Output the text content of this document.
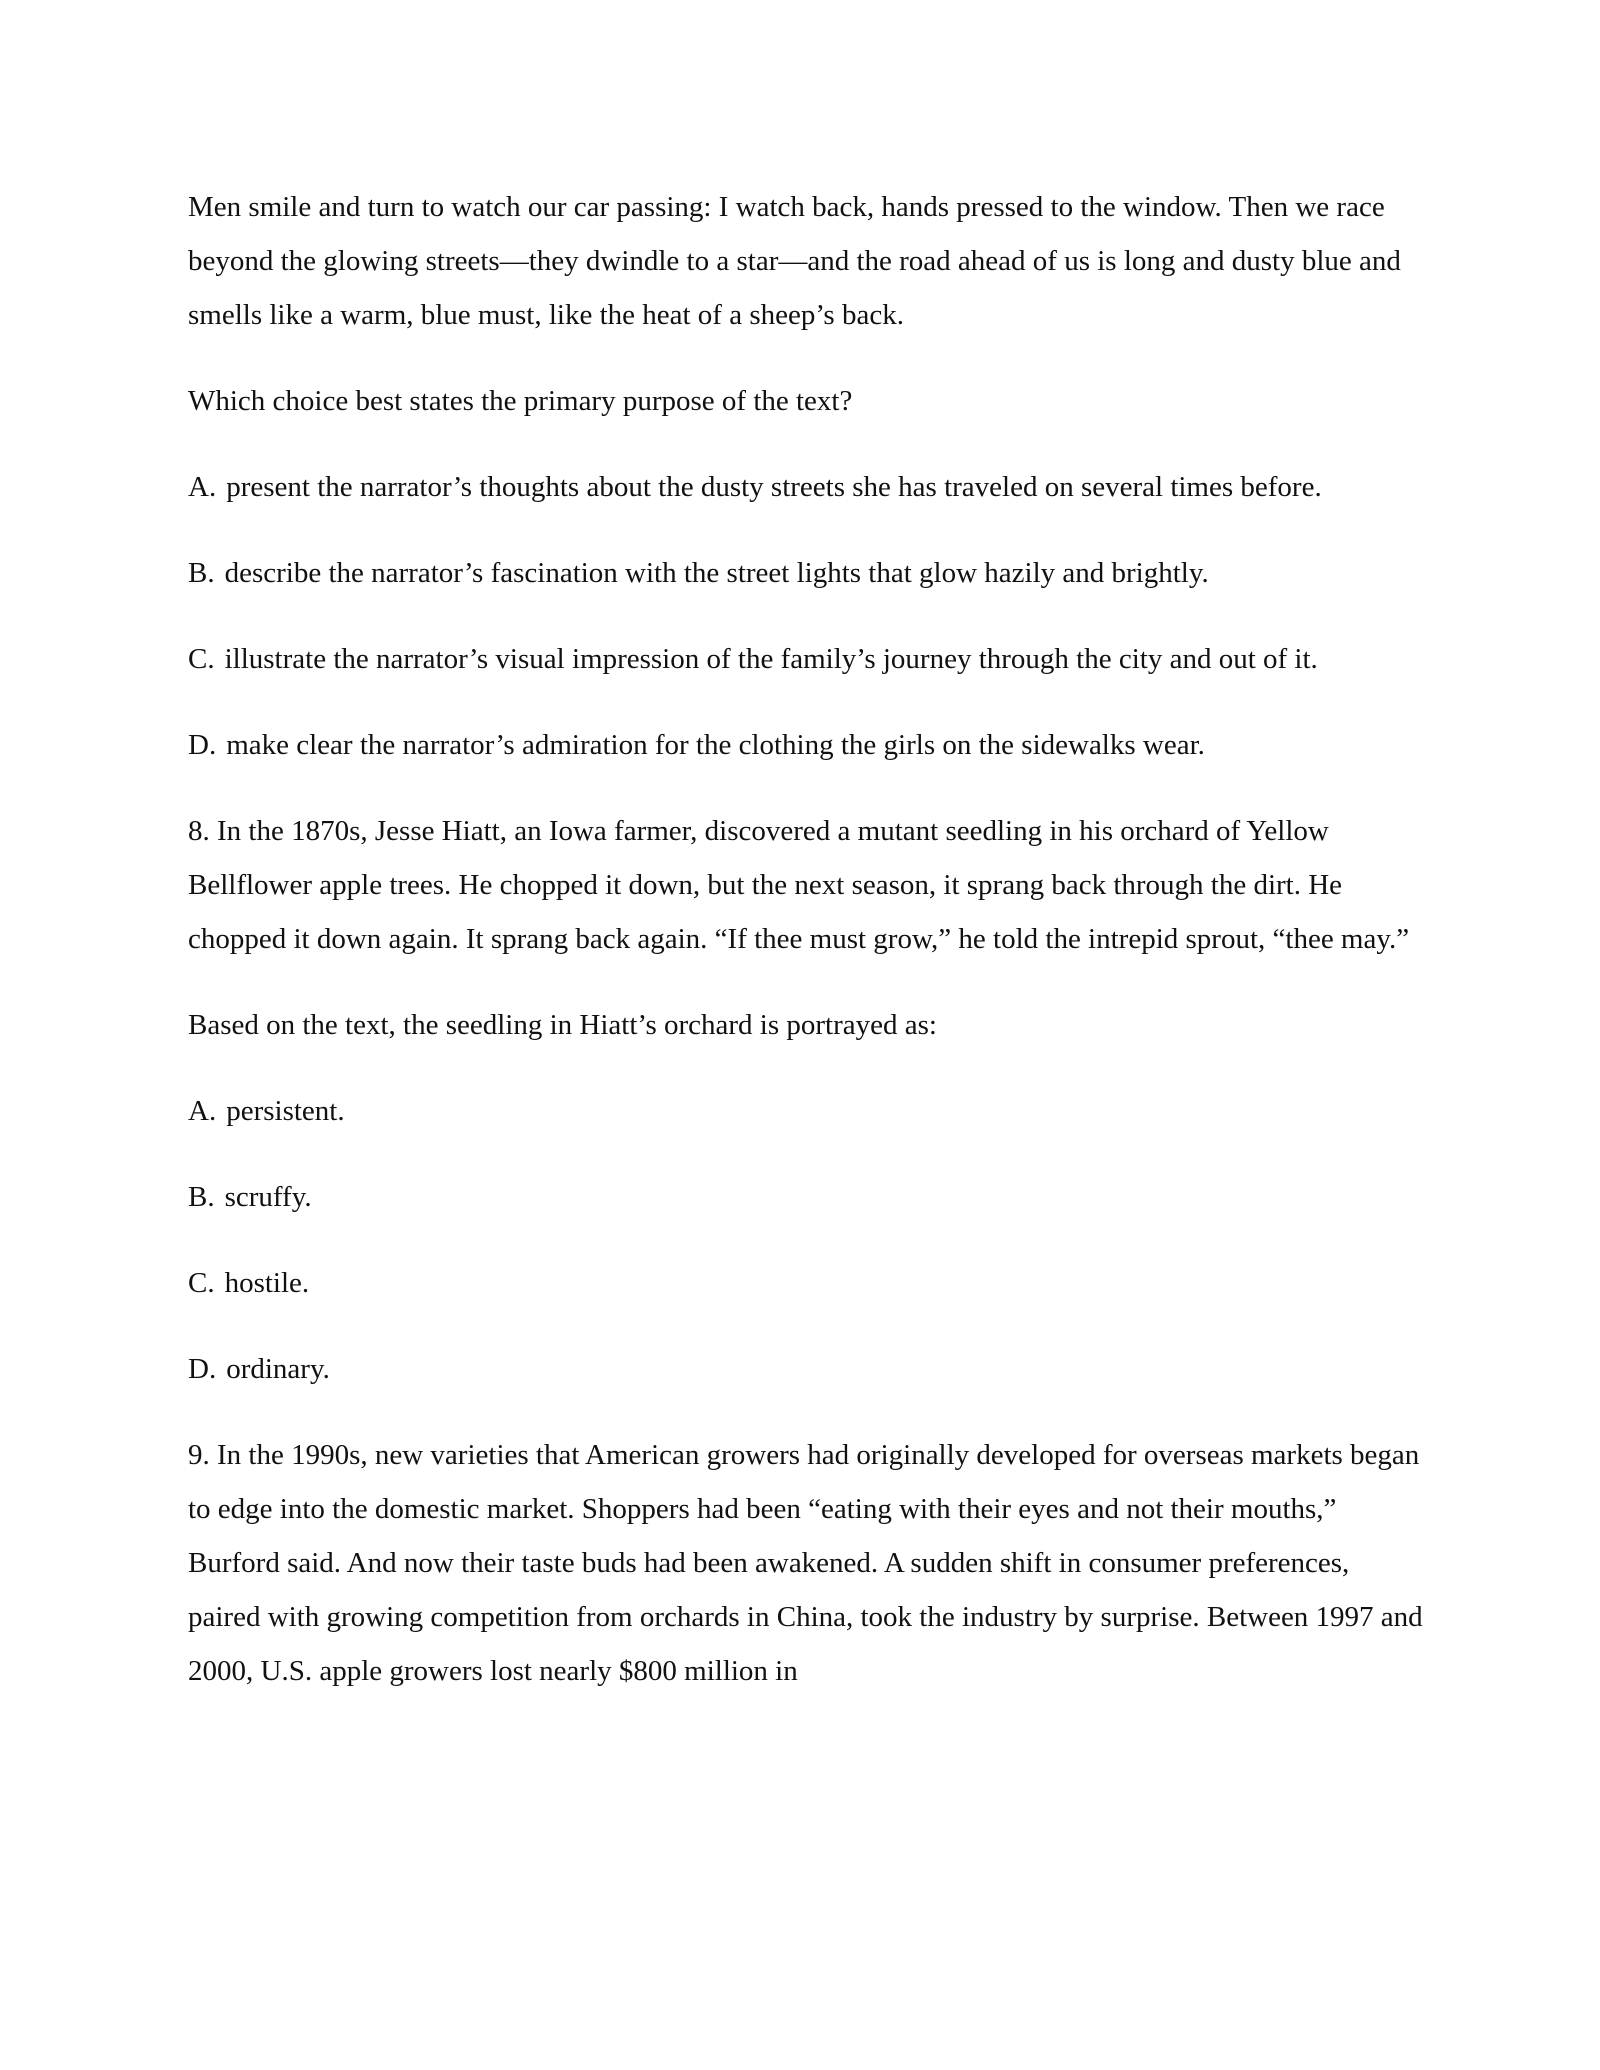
Men smile and turn to watch our car passing: I watch back, hands pressed to the window. Then we race beyond the glowing streets—they dwindle to a star—and the road ahead of us is long and dusty blue and smells like a warm, blue must, like the heat of a sheep’s back.

Which choice best states the primary purpose of the text?

A. present the narrator’s thoughts about the dusty streets she has traveled on several times before.

B. describe the narrator’s fascination with the street lights that glow hazily and brightly.

C. illustrate the narrator’s visual impression of the family’s journey through the city and out of it.

D. make clear the narrator’s admiration for the clothing the girls on the sidewalks wear.

8. In the 1870s, Jesse Hiatt, an Iowa farmer, discovered a mutant seedling in his orchard of Yellow Bellflower apple trees. He chopped it down, but the next season, it sprang back through the dirt. He chopped it down again. It sprang back again. “If thee must grow,” he told the intrepid sprout, “thee may.”

Based on the text, the seedling in Hiatt’s orchard is portrayed as:

A. persistent.

B. scruffy.

C. hostile.

D. ordinary.

9. In the 1990s, new varieties that American growers had originally developed for overseas markets began to edge into the domestic market. Shoppers had been “eating with their eyes and not their mouths,” Burford said. And now their taste buds had been awakened. A sudden shift in consumer preferences, paired with growing competition from orchards in China, took the industry by surprise. Between 1997 and 2000, U.S. apple growers lost nearly $800 million in
